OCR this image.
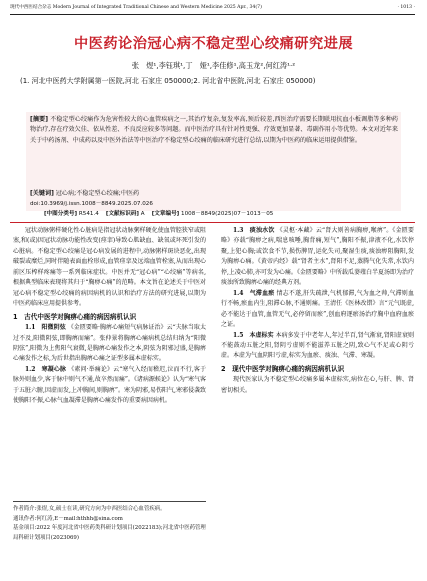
现代中西医结合杂志 Modern Journal of Integrated Traditional Chinese and Western Medicine 2025 Apr., 34(7)	· 1013 ·
中医药论治冠心病不稳定型心绞痛研究进展
张　煜¹,李钰琪¹,丁　娅¹,李佳修¹,高玉龙²,何红涛¹·²
(1. 河北中医药大学附属第一医院,河北 石家庄 050000;2. 河北省中医院,河北 石家庄 050000)
[摘要] 不稳定型心绞痛作为危害性较大的心血管疾病之一,其治疗复杂,复发率高,预后较差,西医治疗需要长期联用抗血小板调脂等多种药物治疗,存在疗效欠佳、依从性差、不良反应较多等问题。而中医治疗具有针对性更强、疗效更加显著、毒副作用小等优势。本文对近年来关于中药汤剂、中成药以及中医外治法等中医治疗不稳定型心绞痛的临床研究进行总结,以期为中医药的临床运用提供借鉴。
[关键词] 冠心病;不稳定型心绞痛;中医药
doi:10.3969/j.issn.1008－8849.2025.07.026
[中图分类号] R541.4 [文献标识码] A [文章编号] 1008－8849(2025)07－1013－05

冠状动脉粥样硬化性心脏病是指冠状动脉粥样硬化使血管腔狭窄或阻塞,和(或)因冠状动脉功能性改变(痉挛)导致心肌缺血、缺氧或坏死引发的心脏病。不稳定型心绞痛是冠心病发展的进程中,动脉粥样斑块恶化,出现破裂或糜烂,同时伴随表面血栓形成,血管痉挛及远端血管栓塞,从而出现心前区压榨样疼痛等一系列临床症状。中医并无“冠心病”“心绞痛”等病名,根据典型临床表现将其归于“胸痹心痛”的范畴。本文旨在论述关于中医对冠心病不稳定型心绞痛的病因病机的认识和治疗方法的研究进展,以期为中医药临床应用提供参考。

1　古代中医学对胸痹心痛的病因病机认识

1.1　阳微阴弦 《金匮要略·胸痹心痛短气病脉证治》云“夫脉当取太过不及,阳微阴弦,即胸痹而痛”。张仲景将胸痹心痛病机总结归纳为“阳微阴弦”,阳微为上焦阳气衰微,是胸痹心痛发作之本,阴弦为阴邪过盛,是胸痹心痛发作之标,为后世指出胸痹心痛之证型多属本虚标实。

1.2　寒凝心脉 《素问·举痛论》云“寒气入经而稽迟,泣而不行,客于脉外则血少,客于脉中则气不通,故卒然而痛”。《诸病源候论》认为“寒气客于五脏六腑,因虚而发,上冲胸间,则胸痹”。寒为阴邪,易伤阳气,寒邪侵袭致使胸阳不振,心脉气血凝滞是胸痹心痛发作的重要病因病机。

作者简介:张煜,女,硕士在读,研究方向为中西医结合心血管疾病。
通讯作者:何红涛,E－mail:hthhh@sina.com
基金项目:2022 年度河北省中医药类科研计划项目(2022183);河北省中医药管理局科研计划项目(2023069)

1.3　痰浊水饮 《灵枢·本藏》云“肾大则善病胸痹,喉痹”。《金匮要略》亦载“胸痹之病,喘息咳唾,胸背痛,短气”,胸阳不振,津液不化,水饮停聚,上犯心胸;或饮食不节,损伤脾胃,运化失司,聚湿生痰,痰浊痹阻胸阳,发为胸痹心痛。《黄帝内经》载“肾者主水”,肾阳不足,蒸腾气化失常,水饮内停,上凌心肺,亦可发为心痛。《金匮要略》中所载瓜蒌薤白半夏汤即为治疗痰浊所致胸痹心痛的经典方剂。

1.4　气滞血瘀 情志不遂,肝失疏泄,气机郁滞,气为血之帅,气滞则血行不畅,瘀血内生,阻滞心脉,不通则痛。王清任《医林改错》言“元气既虚,必不能达于血管,血管无气,必停留而瘀”,创血府逐瘀汤治疗胸中血府血瘀之证。

1.5　本虚标实 本病多发于中老年人,年过半百,肾气渐衰,肾阳虚衰则不能鼓动五脏之阳,肾阴亏虚则不能滋养五脏之阴,致心气不足或心阴亏虚。本虚为气血阴阳亏虚,标实为血瘀、痰浊、气滞、寒凝。

2　现代中医学对胸痹心痛的病因病机认识

现代医家认为不稳定型心绞痛多属本虚标实,病位在心,与肝、脾、肾密切相关。
